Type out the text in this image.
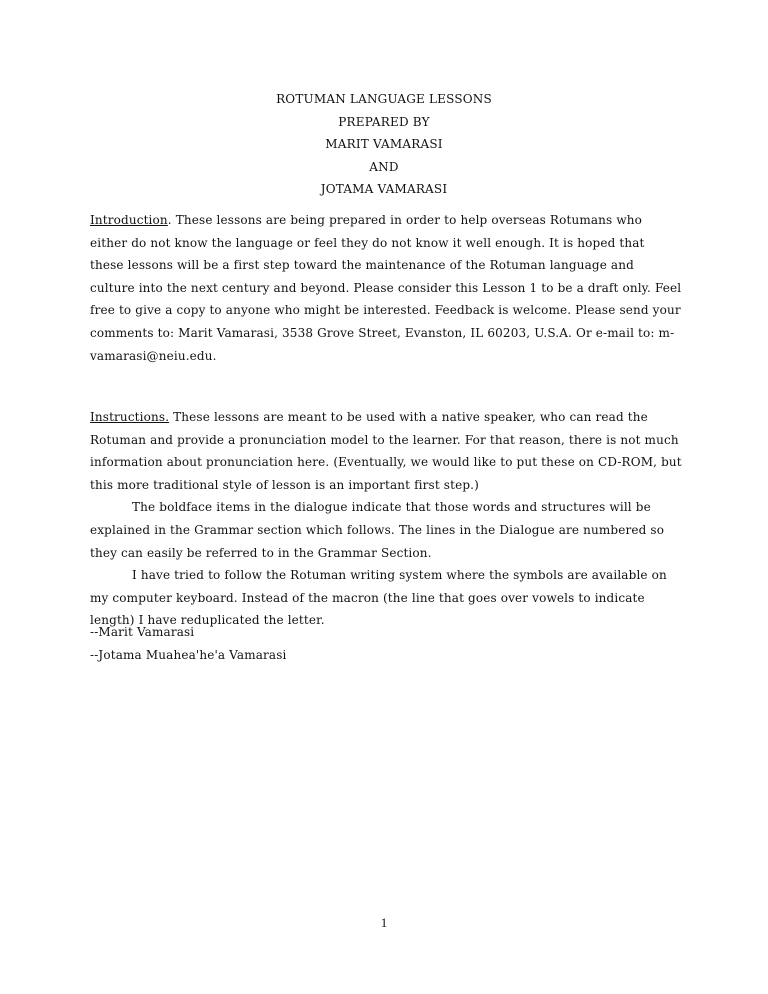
ROTUMAN LANGUAGE LESSONS
PREPARED BY
MARIT VAMARASI
AND
JOTAMA VAMARASI

Introduction. These lessons are being prepared in order to help overseas Rotumans who either do not know the language or feel they do not know it well enough. It is hoped that these lessons will be a first step toward the maintenance of the Rotuman language and culture into the next century and beyond. Please consider this Lesson 1 to be a draft only. Feel free to give a copy to anyone who might be interested. Feedback is welcome. Please send your comments to: Marit Vamarasi, 3538 Grove Street, Evanston, IL 60203, U.S.A. Or e-mail to: m-vamarasi@neiu.edu.

Instructions. These lessons are meant to be used with a native speaker, who can read the Rotuman and provide a pronunciation model to the learner. For that reason, there is not much information about pronunciation here. (Eventually, we would like to put these on CD-ROM, but this more traditional style of lesson is an important first step.)

The boldface items in the dialogue indicate that those words and structures will be explained in the Grammar section which follows. The lines in the Dialogue are numbered so they can easily be referred to in the Grammar Section.

I have tried to follow the Rotuman writing system where the symbols are available on my computer keyboard. Instead of the macron (the line that goes over vowels to indicate length) I have reduplicated the letter.

--Marit Vamarasi
--Jotama Muahea'he'a Vamarasi
1
